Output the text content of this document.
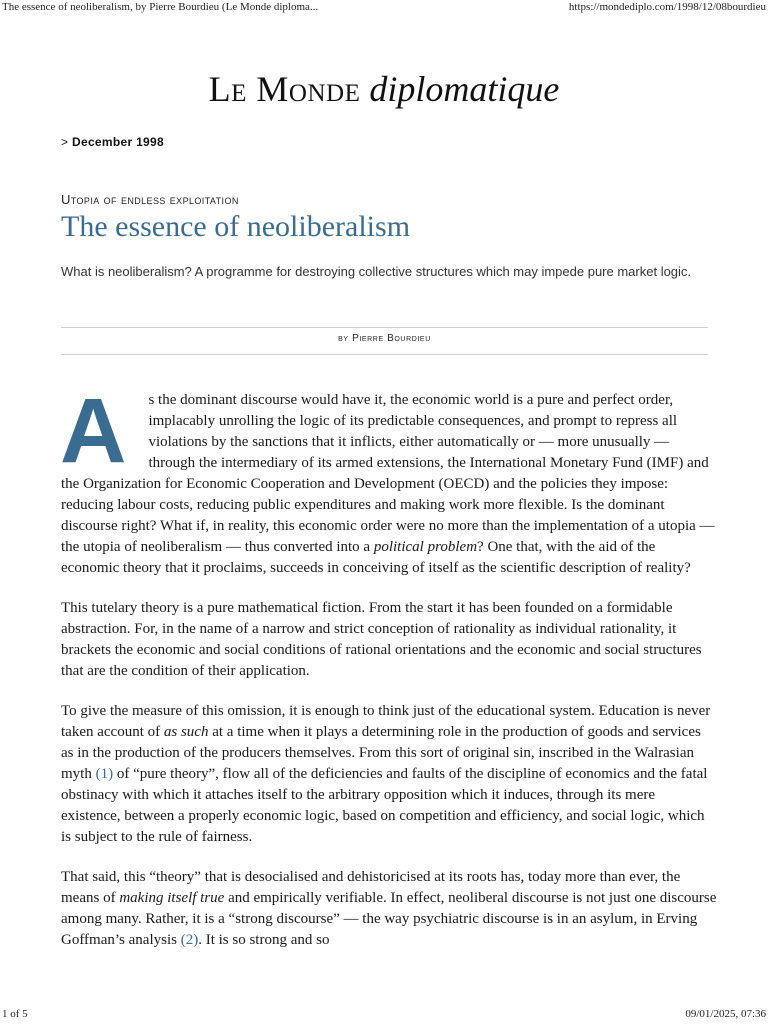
The essence of neoliberalism, by Pierre Bourdieu (Le Monde diploma...	https://mondediplo.com/1998/12/08bourdieu
Le Monde diplomatique
> December 1998
Utopia of endless exploitation
The essence of neoliberalism

What is neoliberalism? A programme for destroying collective structures which may impede pure market logic.

by Pierre Bourdieu

A s the dominant discourse would have it, the economic world is a pure and perfect order, implacably unrolling the logic of its predictable consequences, and prompt to repress all violations by the sanctions that it inflicts, either automatically or — more unusually — through the intermediary of its armed extensions, the International Monetary Fund (IMF) and the Organization for Economic Cooperation and Development (OECD) and the policies they impose: reducing labour costs, reducing public expenditures and making work more flexible. Is the dominant discourse right? What if, in reality, this economic order were no more than the implementation of a utopia — the utopia of neoliberalism — thus converted into a political problem? One that, with the aid of the economic theory that it proclaims, succeeds in conceiving of itself as the scientific description of reality?

This tutelary theory is a pure mathematical fiction. From the start it has been founded on a formidable abstraction. For, in the name of a narrow and strict conception of rationality as individual rationality, it brackets the economic and social conditions of rational orientations and the economic and social structures that are the condition of their application.

To give the measure of this omission, it is enough to think just of the educational system. Education is never taken account of as such at a time when it plays a determining role in the production of goods and services as in the production of the producers themselves. From this sort of original sin, inscribed in the Walrasian myth (1) of “pure theory”, flow all of the deficiencies and faults of the discipline of economics and the fatal obstinacy with which it attaches itself to the arbitrary opposition which it induces, through its mere existence, between a properly economic logic, based on competition and efficiency, and social logic, which is subject to the rule of fairness.

That said, this “theory” that is desocialised and dehistoricised at its roots has, today more than ever, the means of making itself true and empirically verifiable. In effect, neoliberal discourse is not just one discourse among many. Rather, it is a “strong discourse” — the way psychiatric discourse is in an asylum, in Erving Goffman’s analysis (2). It is so strong and so

1 of 5	09/01/2025, 07:36
